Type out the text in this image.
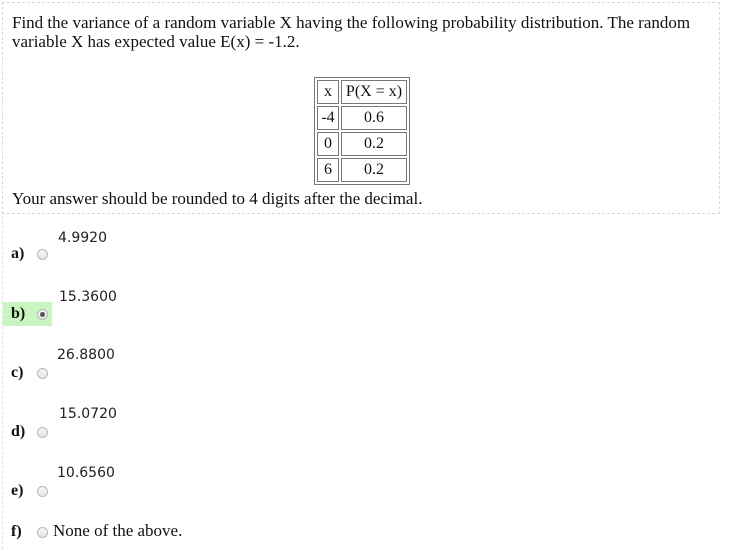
Find the variance of a random variable X having the following probability distribution. The random variable X has expected value E(x) = -1.2.
x	P(X = x)
-4	0.6
0	0.2
6	0.2
Your answer should be rounded to 4 digits after the decimal.
4.9920
a)
15.3600
b)
26.8800
c)
15.0720
d)
10.6560
e)
f)	None of the above.
